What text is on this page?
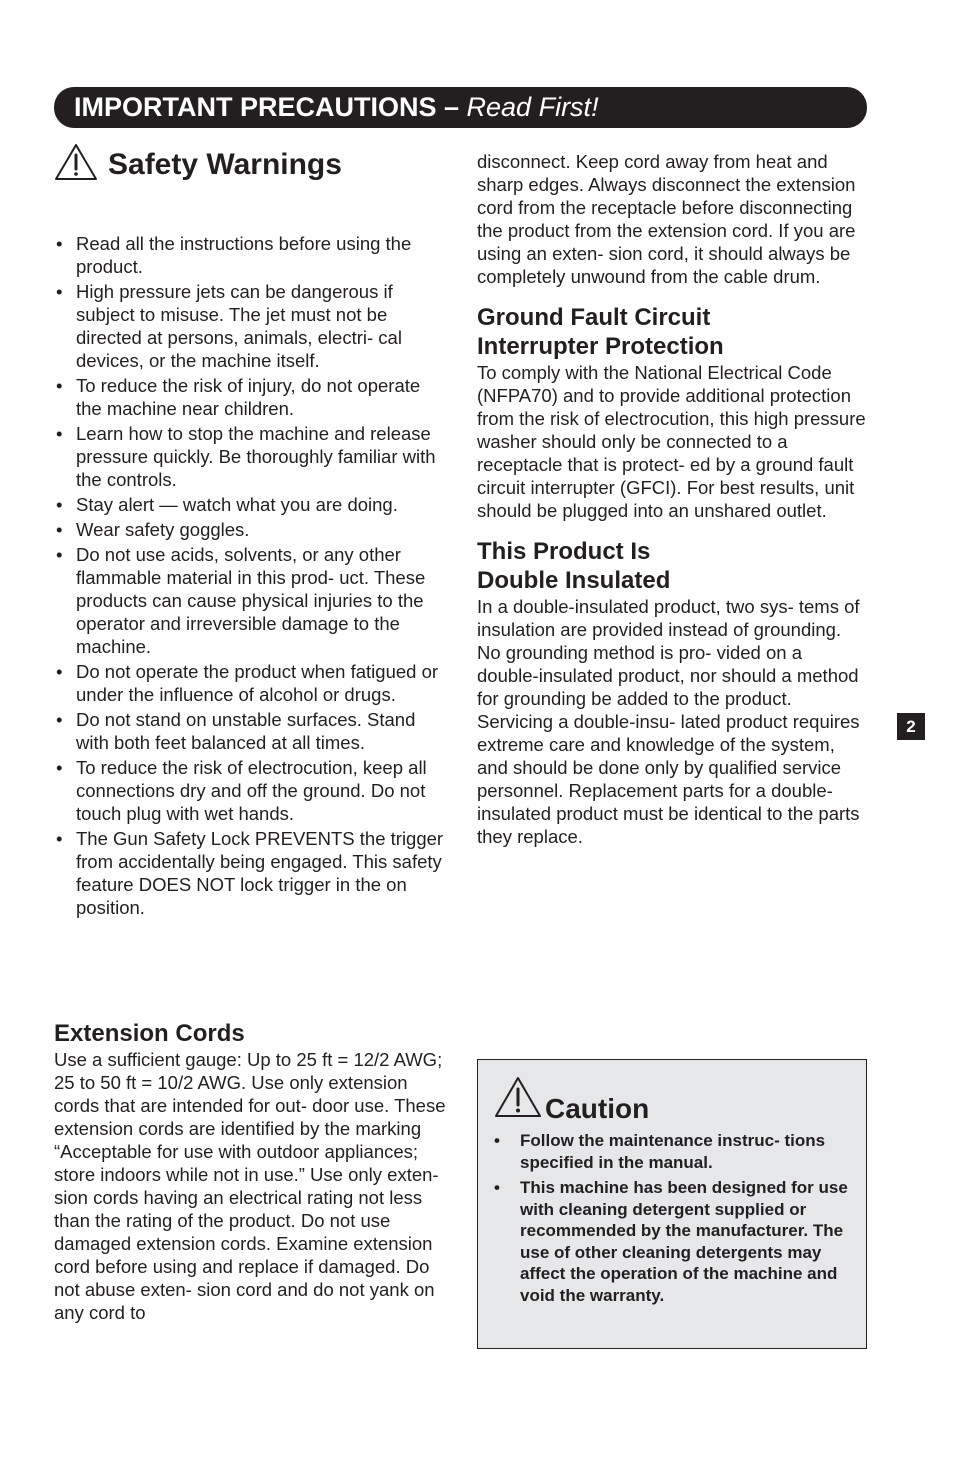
IMPORTANT PRECAUTIONS – Read First!
Safety Warnings
• Read all the instructions before using the product.
• High pressure jets can be dangerous if subject to misuse. The jet must not be directed at persons, animals, electri- cal devices, or the machine itself.
• To reduce the risk of injury, do not operate the machine near children.
• Learn how to stop the machine and release pressure quickly. Be thoroughly familiar with the controls.
• Stay alert — watch what you are doing.
• Wear safety goggles.
• Do not use acids, solvents, or any other flammable material in this prod- uct. These products can cause physical injuries to the operator and irreversible damage to the machine.
• Do not operate the product when fatigued or under the influence of alcohol or drugs.
• Do not stand on unstable surfaces. Stand with both feet balanced at all times.
• To reduce the risk of electrocution, keep all connections dry and off the ground. Do not touch plug with wet hands.
• The Gun Safety Lock PREVENTS the trigger from accidentally being engaged. This safety feature DOES NOT lock trigger in the on position.
Extension Cords

Use a sufficient gauge: Up to 25 ft = 12/2 AWG; 25 to 50 ft = 10/2 AWG. Use only extension cords that are intended for out- door use. These extension cords are identified by the marking “Acceptable for use with outdoor appliances; store indoors while not in use.” Use only exten- sion cords having an electrical rating not less than the rating of the product. Do not use damaged extension cords. Examine extension cord before using and replace if damaged. Do not abuse exten- sion cord and do not yank on any cord to

disconnect. Keep cord away from heat and sharp edges. Always disconnect the extension cord from the receptacle before disconnecting the product from the extension cord. If you are using an exten- sion cord, it should always be completely unwound from the cable drum.

Ground Fault Circuit Interrupter Protection

To comply with the National Electrical Code (NFPA70) and to provide additional protection from the risk of electrocution, this high pressure washer should only be connected to a receptacle that is protect- ed by a ground fault circuit interrupter (GFCI). For best results, unit should be plugged into an unshared outlet.

This Product Is Double Insulated

In a double-insulated product, two sys- tems of insulation are provided instead of grounding. No grounding method is pro- vided on a double-insulated product, nor should a method for grounding be added to the product. Servicing a double-insu- lated product requires extreme care and knowledge of the system, and should be done only by qualified service personnel. Replacement parts for a double-insulated product must be identical to the parts they replace.

Caution
• Follow the maintenance instruc- tions specified in the manual.
• This machine has been designed for use with cleaning detergent supplied or recommended by the manufacturer. The use of other cleaning detergents may affect the operation of the machine and void the warranty.
2
